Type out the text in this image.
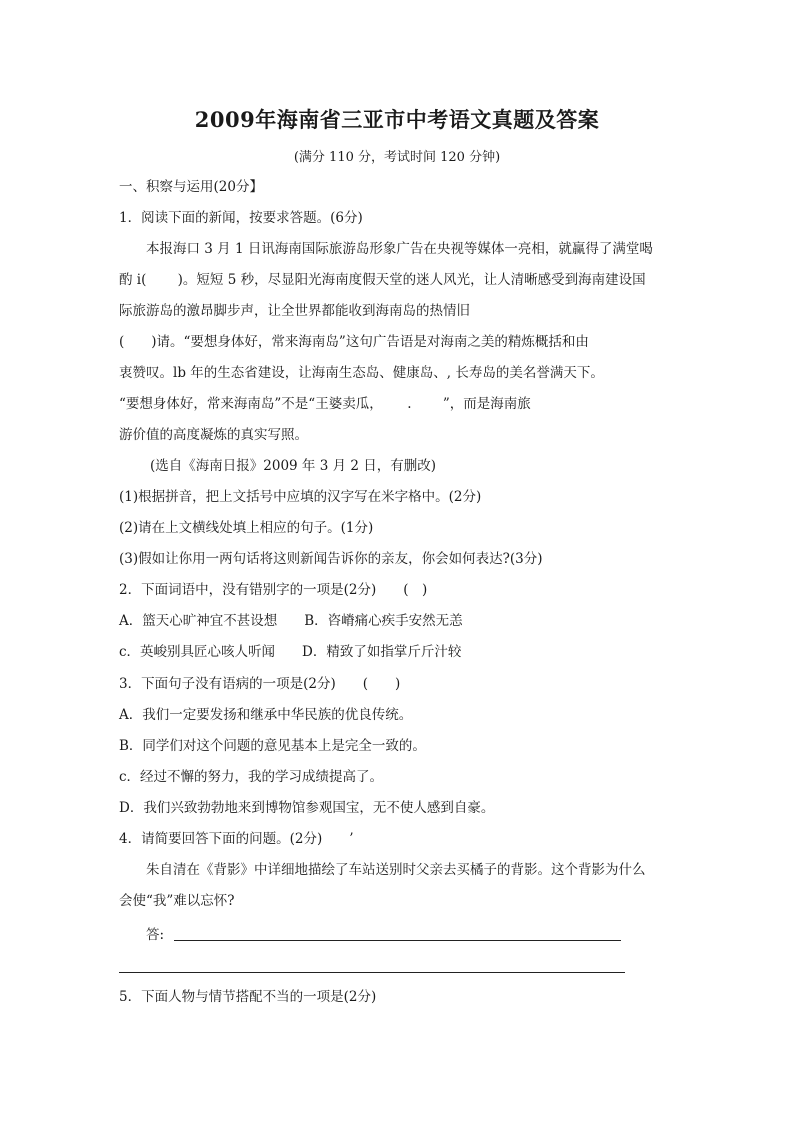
2009年海南省三亚市中考语文真题及答案
(满分 110 分，考试时间 120 分钟)
一、积察与运用(20分】
1．阅读下面的新闻，按要求答题。(6分)
本报海口 3 月 1 日讯海南国际旅游岛形象广告在央视等媒体一亮相，就赢得了满堂喝
酌 i(　　 )。短短 5 秒，尽显阳光海南度假天堂的迷人风光，让人清晰感受到海南建设国
际旅游岛的激昂脚步声，让全世界都能收到海南岛的热情旧
(　　)请。“要想身体好，常来海南岛”这句广告语是对海南之美的精炼概括和由
衷赞叹。lb 年的生态省建设，让海南生态岛、健康岛、, 长寿岛的美名誉满天下。
“要想身体好，常来海南岛”不是“王婆卖瓜，　　 .　　 ”，而是海南旅
游价值的高度凝炼的真实写照。
(选自《海南日报》2009 年 3 月 2 日，有删改)
(1)根据拼音，把上文括号中应填的汉字写在米字格中。(2分)
(2)请在上文横线处填上相应的句子。(1分)
(3)假如让你用一两句话将这则新闻告诉你的亲友，你会如何表达?(3分)
2．下面词语中，没有错别字的一项是(2分)　　(　)
A．篮天心旷神宜不甚设想　　B．咨嵴痛心疾手安然无恙
c．英峻别具匠心咳人听闻　　D．精致了如指掌斤斤汁较
3．下面句子没有语病的一项是(2分)　　(　　)
A．我们一定要发扬和继承中华民族的优良传统。
B．同学们对这个问题的意见基本上是完全一致的。
c．经过不懈的努力，我的学习成绩提高了。
D．我们兴致勃勃地来到博物馆参观国宝，无不使人感到自豪。
4．请简要回答下面的问题。(2分)　　’
朱自清在《背影》中详细地描绘了车站送别时父亲去买橘子的背影。这个背影为什么
会使“我”难以忘怀?
答:
5．下面人物与情节搭配不当的一项是(2分)
